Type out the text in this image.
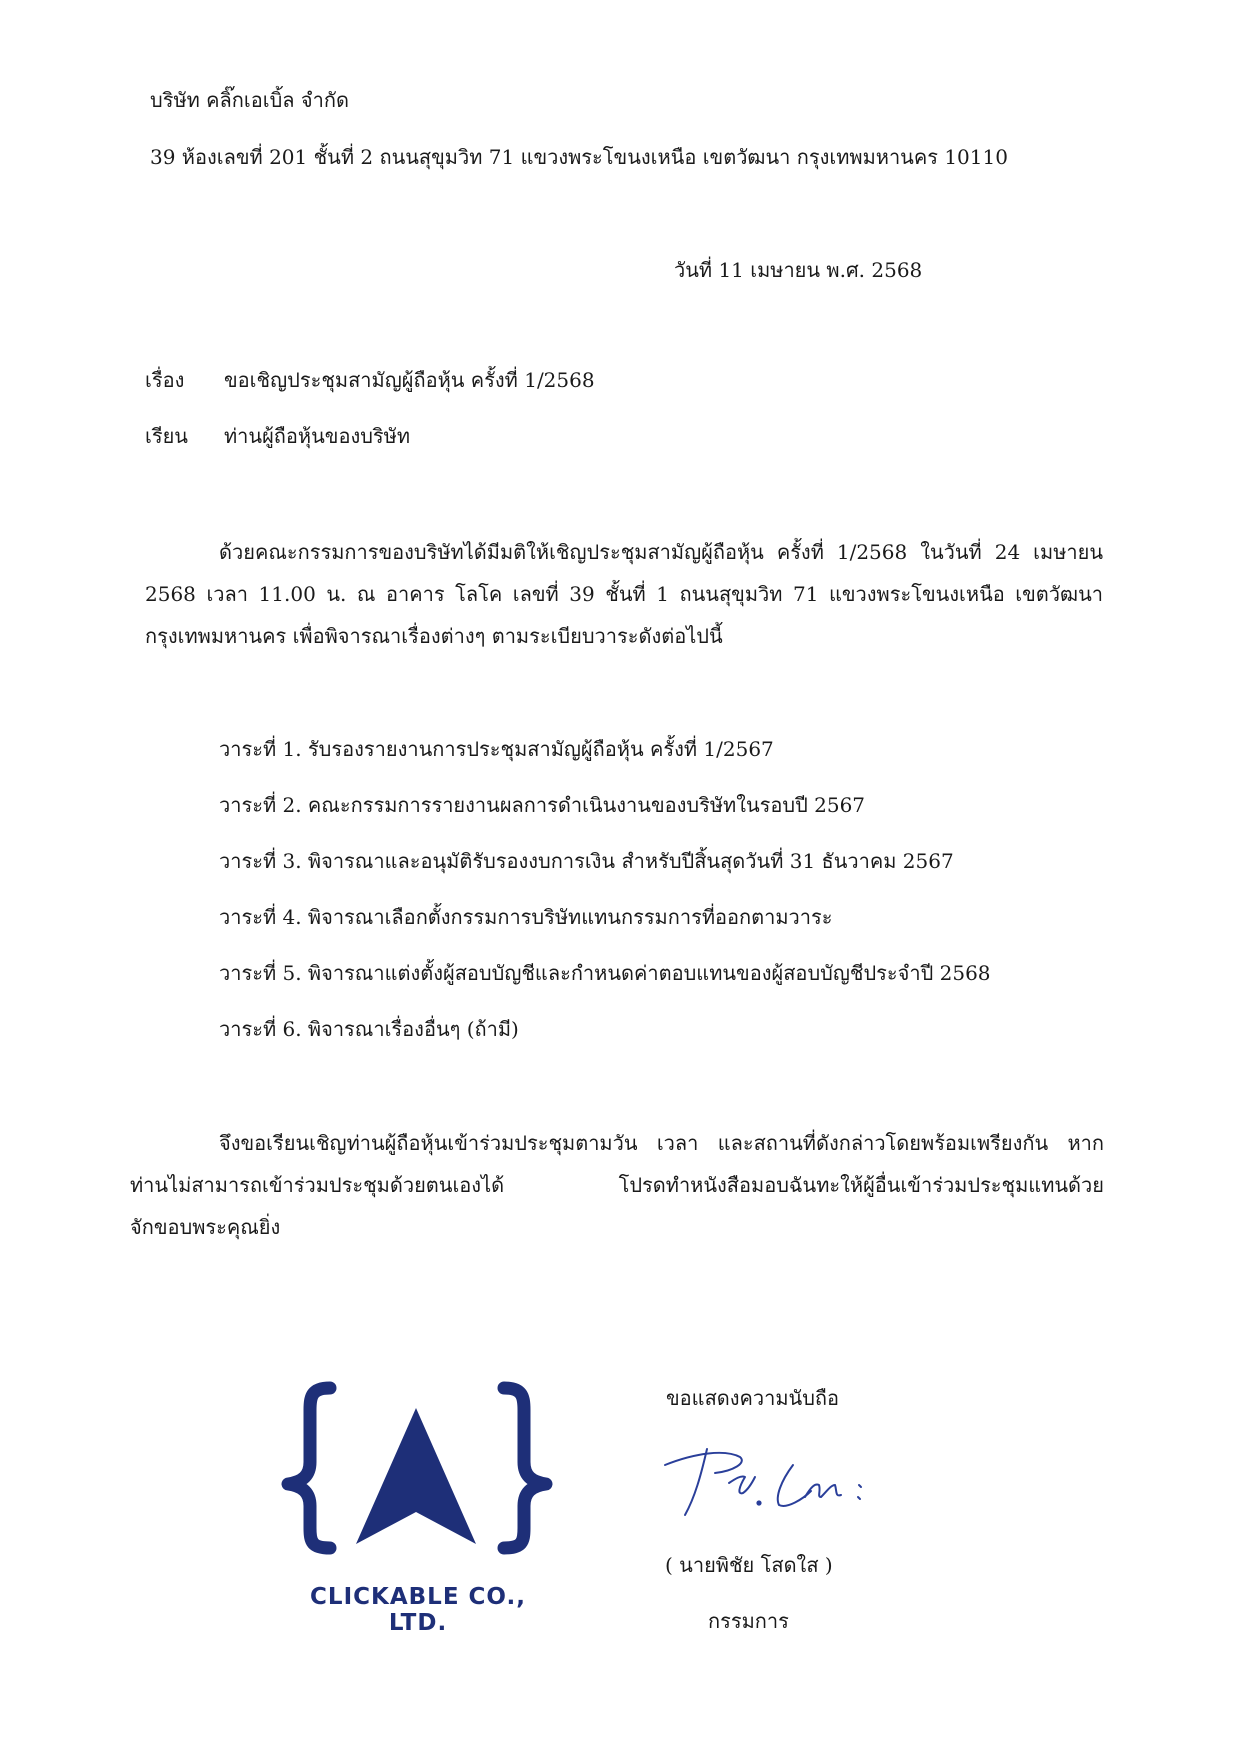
บริษัท คลิ๊กเอเบิ้ล จำกัด
39 ห้องเลขที่ 201 ชั้นที่ 2 ถนนสุขุมวิท 71 แขวงพระโขนงเหนือ เขตวัฒนา กรุงเทพมหานคร 10110
วันที่ 11 เมษายน พ.ศ. 2568
เรื่อง ขอเชิญประชุมสามัญผู้ถือหุ้น ครั้งที่ 1/2568
เรียน ท่านผู้ถือหุ้นของบริษัท
ด้วยคณะกรรมการของบริษัทได้มีมติให้เชิญประชุมสามัญผู้ถือหุ้น ครั้งที่ 1/2568 ในวันที่ 24 เมษายน
2568 เวลา 11.00 น. ณ อาคาร โลโค เลขที่ 39 ชั้นที่ 1 ถนนสุขุมวิท 71 แขวงพระโขนงเหนือ เขตวัฒนา
กรุงเทพมหานคร เพื่อพิจารณาเรื่องต่างๆ ตามระเบียบวาระดังต่อไปนี้
วาระที่ 1. รับรองรายงานการประชุมสามัญผู้ถือหุ้น ครั้งที่ 1/2567
วาระที่ 2. คณะกรรมการรายงานผลการดำเนินงานของบริษัทในรอบปี 2567
วาระที่ 3. พิจารณาและอนุมัติรับรองงบการเงิน สำหรับปีสิ้นสุดวันที่ 31 ธันวาคม 2567
วาระที่ 4. พิจารณาเลือกตั้งกรรมการบริษัทแทนกรรมการที่ออกตามวาระ
วาระที่ 5. พิจารณาแต่งตั้งผู้สอบบัญชีและกำหนดค่าตอบแทนของผู้สอบบัญชีประจำปี 2568
วาระที่ 6. พิจารณาเรื่องอื่นๆ (ถ้ามี)
จึงขอเรียนเชิญท่านผู้ถือหุ้นเข้าร่วมประชุมตามวัน เวลา และสถานที่ดังกล่าวโดยพร้อมเพรียงกัน หาก
ท่านไม่สามารถเข้าร่วมประชุมด้วยตนเองได้ โปรดทำหนังสือมอบฉันทะให้ผู้อื่นเข้าร่วมประชุมแทนด้วย
จักขอบพระคุณยิ่ง
CLICKABLE CO., LTD.
ขอแสดงความนับถือ
( นายพิชัย โสดใส )
กรรมการ
